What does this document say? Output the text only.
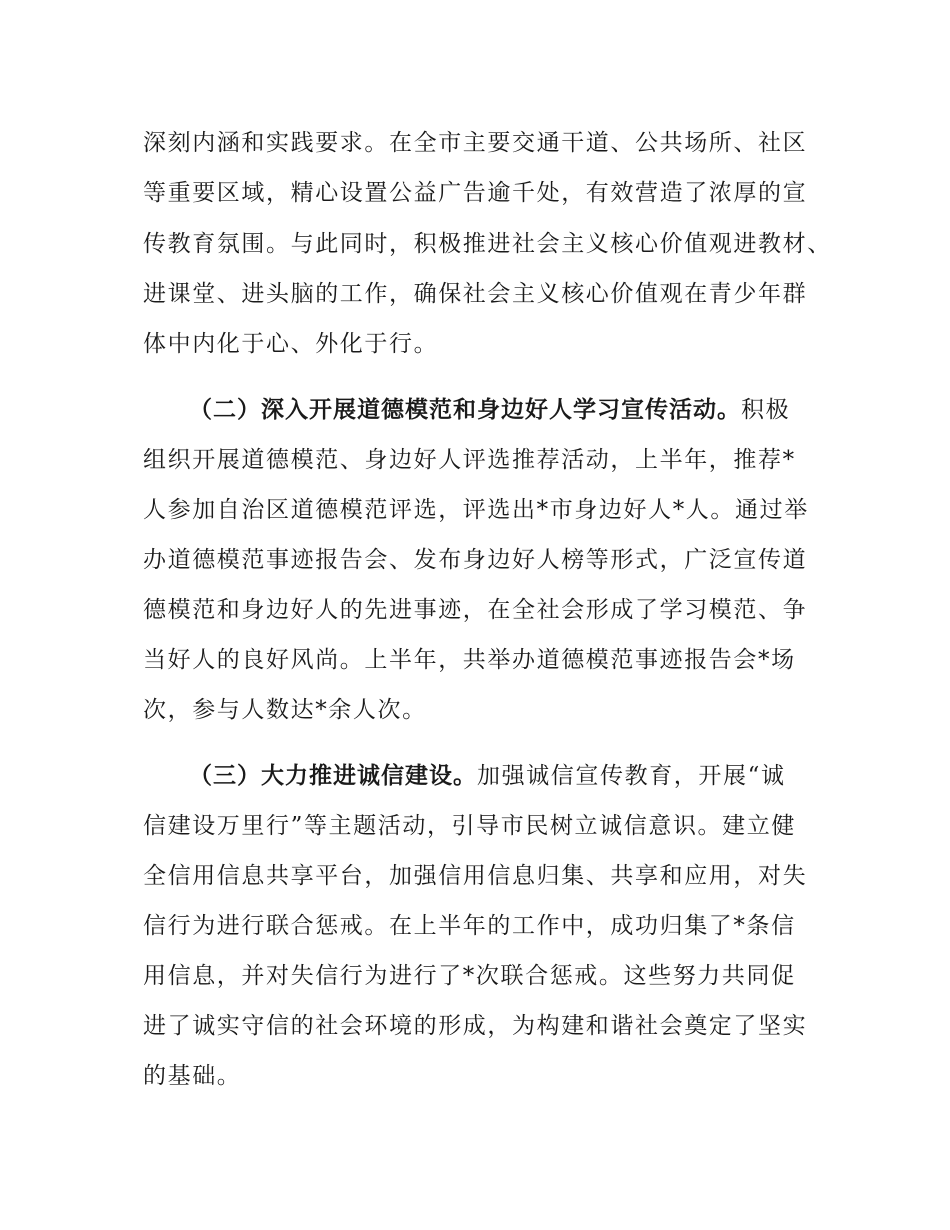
深刻内涵和实践要求。在全市主要交通干道、公共场所、社区
等重要区域，精心设置公益广告逾千处，有效营造了浓厚的宣
传教育氛围。与此同时，积极推进社会主义核心价值观进教材、
进课堂、进头脑的工作，确保社会主义核心价值观在青少年群
体中内化于心、外化于行。
（二）深入开展道德模范和身边好人学习宣传活动。积极
组织开展道德模范、身边好人评选推荐活动，上半年，推荐*
人参加自治区道德模范评选，评选出*市身边好人*人。通过举
办道德模范事迹报告会、发布身边好人榜等形式，广泛宣传道
德模范和身边好人的先进事迹，在全社会形成了学习模范、争
当好人的良好风尚。上半年，共举办道德模范事迹报告会*场
次，参与人数达*余人次。
（三）大力推进诚信建设。加强诚信宣传教育，开展“诚
信建设万里行”等主题活动，引导市民树立诚信意识。建立健
全信用信息共享平台，加强信用信息归集、共享和应用，对失
信行为进行联合惩戒。在上半年的工作中，成功归集了*条信
用信息，并对失信行为进行了*次联合惩戒。这些努力共同促
进了诚实守信的社会环境的形成，为构建和谐社会奠定了坚实
的基础。
